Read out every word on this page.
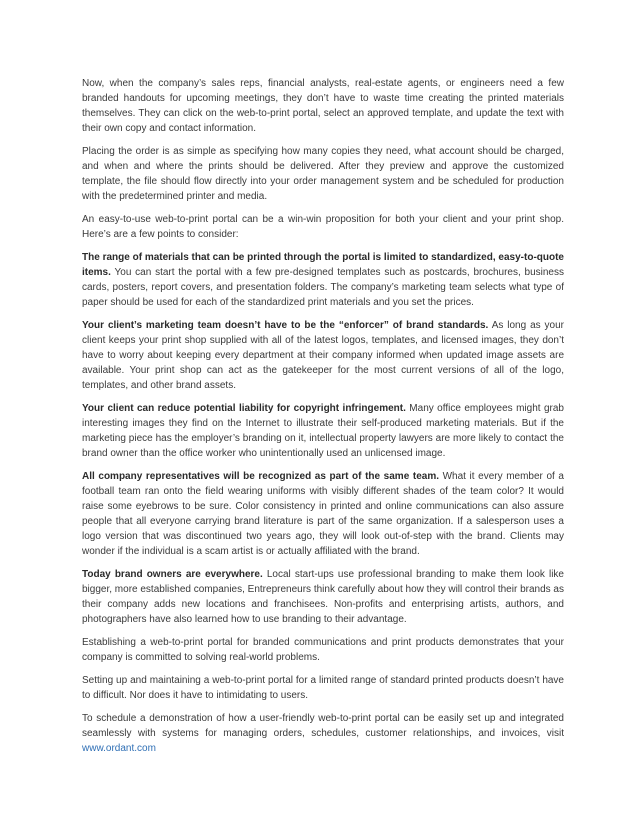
Now, when the company’s sales reps, financial analysts, real-estate agents, or engineers need a few branded handouts for upcoming meetings, they don’t have to waste time creating the printed materials themselves. They can click on the web-to-print portal, select an approved template, and update the text with their own copy and contact information.

Placing the order is as simple as specifying how many copies they need, what account should be charged, and when and where the prints should be delivered. After they preview and approve the customized template, the file should flow directly into your order management system and be scheduled for production with the predetermined printer and media.

An easy-to-use web-to-print portal can be a win-win proposition for both your client and your print shop. Here’s are a few points to consider:

The range of materials that can be printed through the portal is limited to standardized, easy-to-quote items. You can start the portal with a few pre-designed templates such as postcards, brochures, business cards, posters, report covers, and presentation folders. The company’s marketing team selects what type of paper should be used for each of the standardized print materials and you set the prices.

Your client’s marketing team doesn’t have to be the “enforcer” of brand standards. As long as your client keeps your print shop supplied with all of the latest logos, templates, and licensed images, they don’t have to worry about keeping every department at their company informed when updated image assets are available. Your print shop can act as the gatekeeper for the most current versions of all of the logo, templates, and other brand assets.

Your client can reduce potential liability for copyright infringement. Many office employees might grab interesting images they find on the Internet to illustrate their self-produced marketing materials. But if the marketing piece has the employer’s branding on it, intellectual property lawyers are more likely to contact the brand owner than the office worker who unintentionally used an unlicensed image.

All company representatives will be recognized as part of the same team. What it every member of a football team ran onto the field wearing uniforms with visibly different shades of the team color? It would raise some eyebrows to be sure. Color consistency in printed and online communications can also assure people that all everyone carrying brand literature is part of the same organization. If a salesperson uses a logo version that was discontinued two years ago, they will look out-of-step with the brand. Clients may wonder if the individual is a scam artist is or actually affiliated with the brand.

Today brand owners are everywhere. Local start-ups use professional branding to make them look like bigger, more established companies, Entrepreneurs think carefully about how they will control their brands as their company adds new locations and franchisees. Non-profits and enterprising artists, authors, and photographers have also learned how to use branding to their advantage.

Establishing a web-to-print portal for branded communications and print products demonstrates that your company is committed to solving real-world problems.

Setting up and maintaining a web-to-print portal for a limited range of standard printed products doesn’t have to difficult. Nor does it have to intimidating to users.

To schedule a demonstration of how a user-friendly web-to-print portal can be easily set up and integrated seamlessly with systems for managing orders, schedules, customer relationships, and invoices, visit www.ordant.com
